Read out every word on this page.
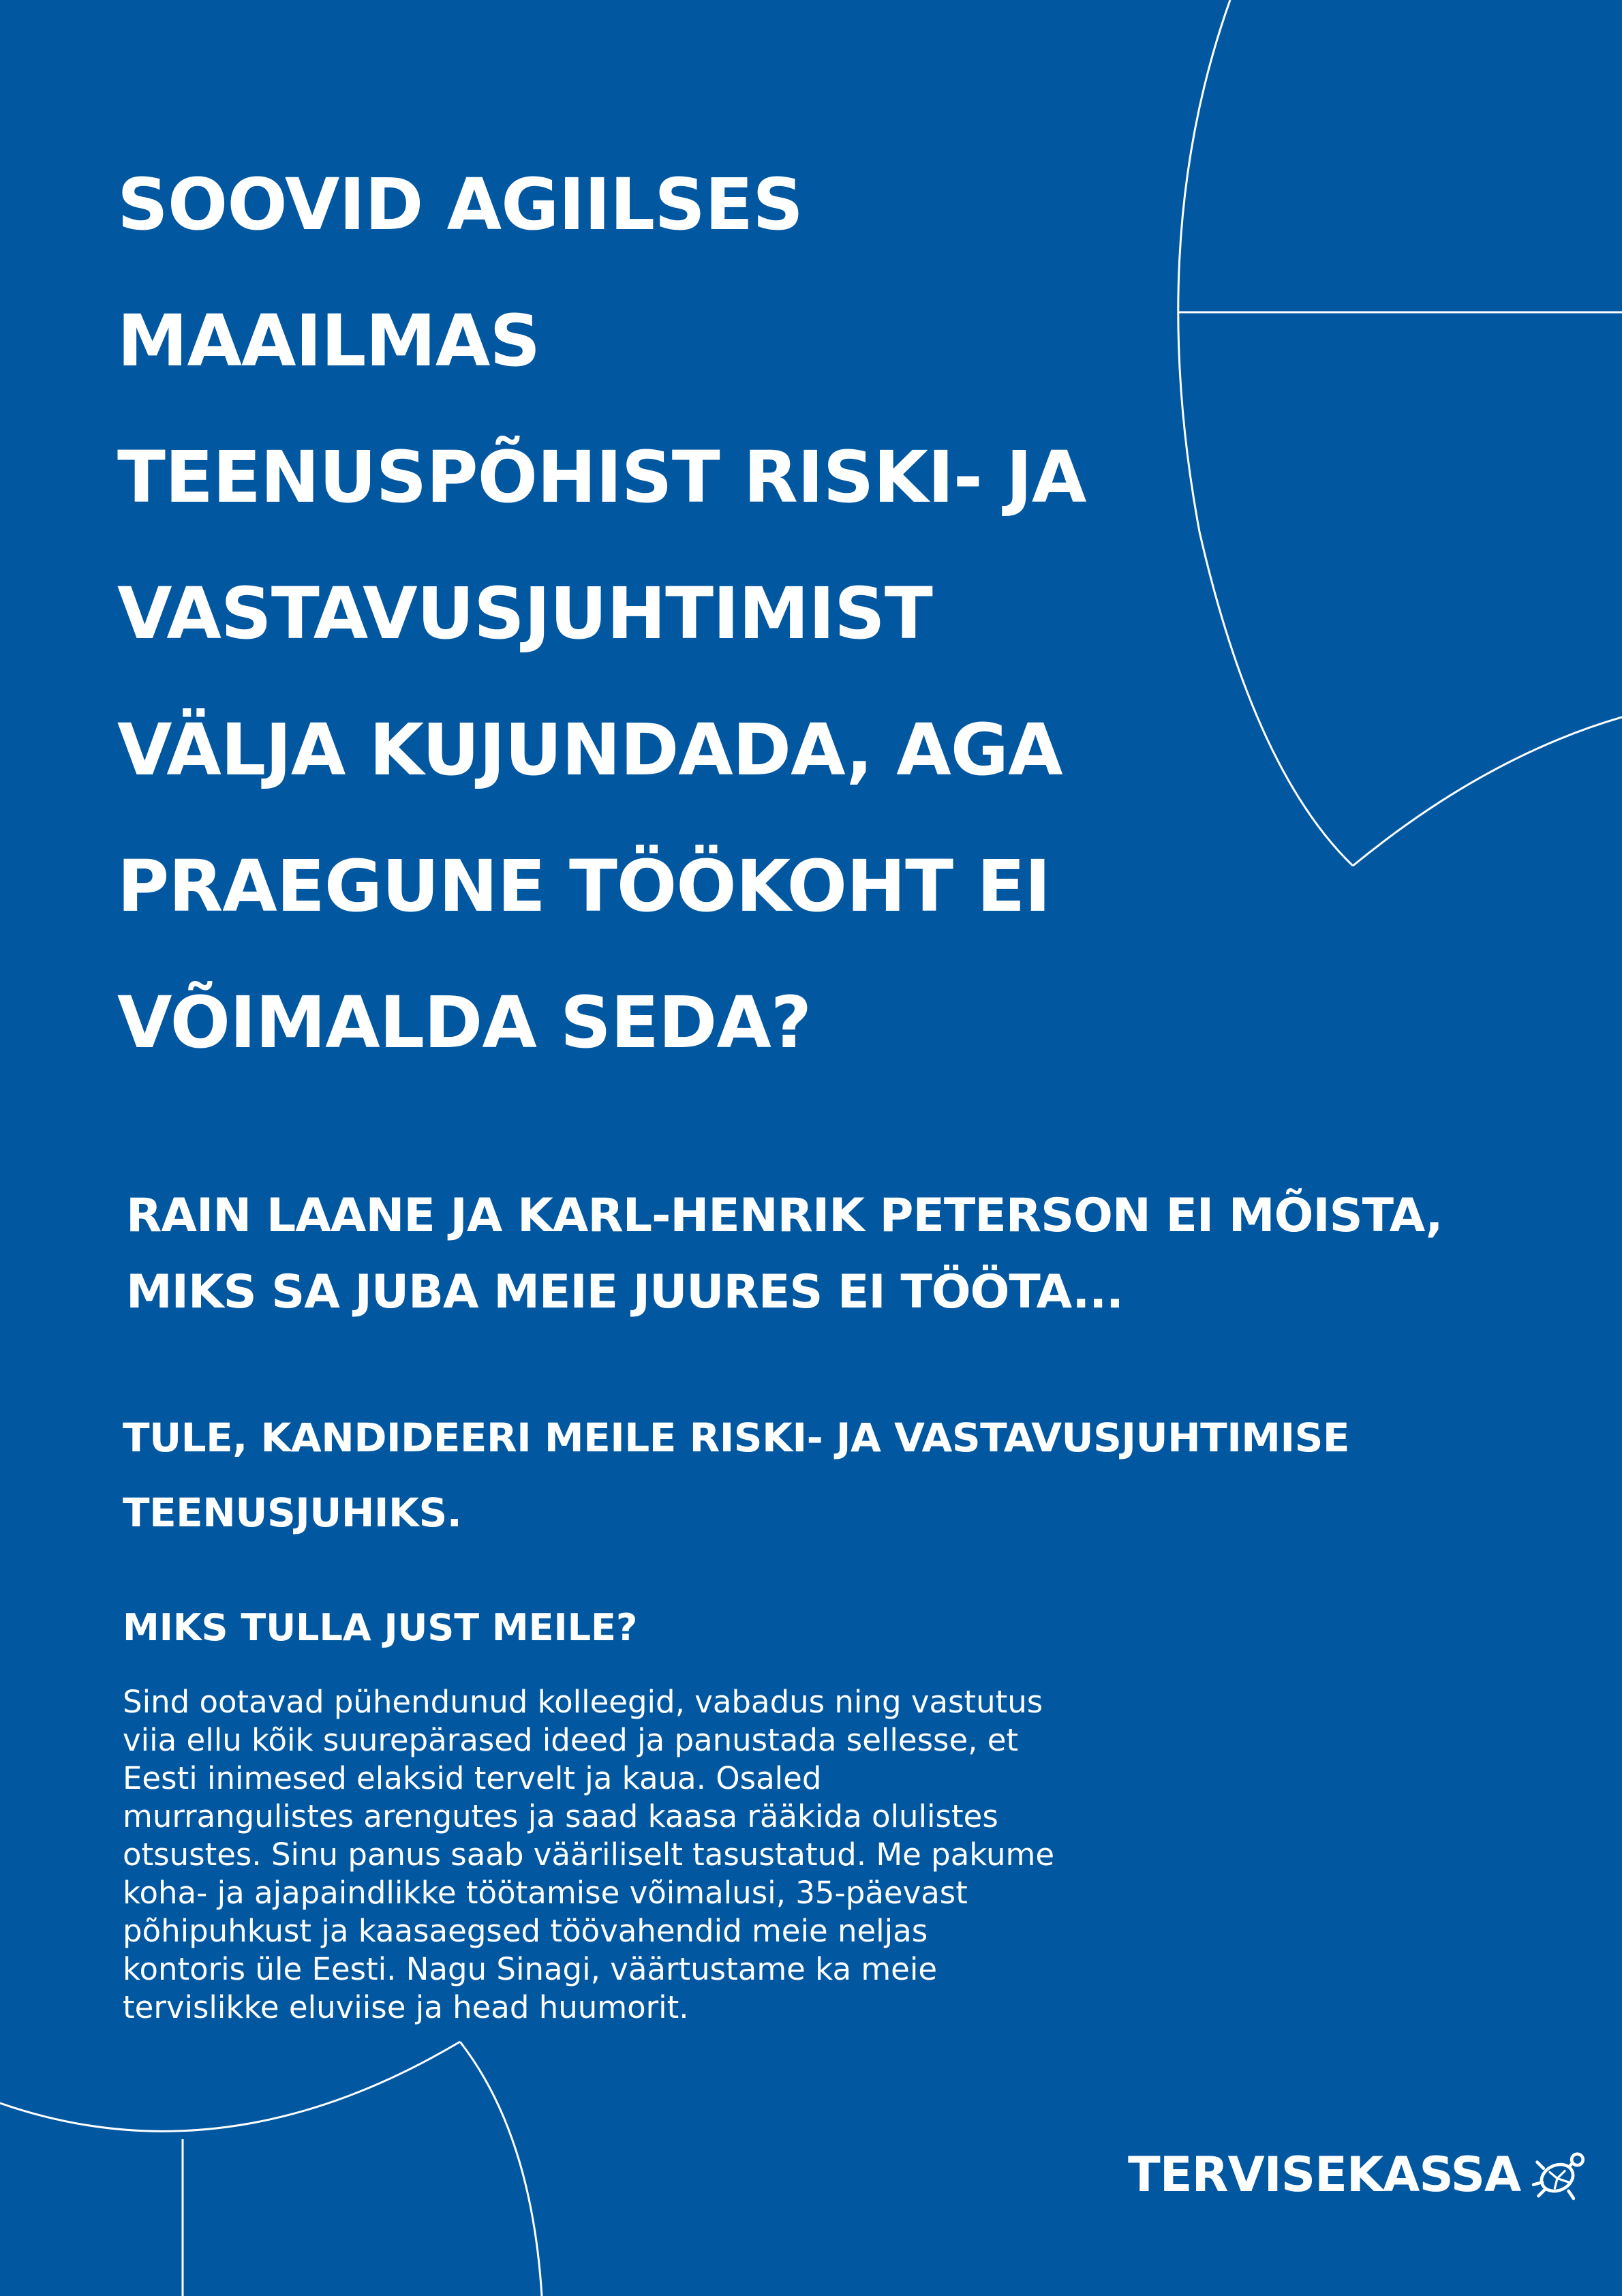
SOOVID AGIILSES
MAAILMAS
TEENUSPÕHIST RISKI- JA
VASTAVUSJUHTIMIST
VÄLJA KUJUNDADA, AGA
PRAEGUNE TÖÖKOHT EI
VÕIMALDA SEDA?
RAIN LAANE JA KARL-HENRIK PETERSON EI MÕISTA,
MIKS SA JUBA MEIE JUURES EI TÖÖTA...
TULE, KANDIDEERI MEILE RISKI- JA VASTAVUSJUHTIMISE
TEENUSJUHIKS.
MIKS TULLA JUST MEILE?

Sind ootavad pühendunud kolleegid, vabadus ning vastutus
viia ellu kõik suurepärased ideed ja panustada sellesse, et
Eesti inimesed elaksid tervelt ja kaua. Osaled
murrangulistes arengutes ja saad kaasa rääkida olulistes
otsustes. Sinu panus saab vääriliselt tasustatud. Me pakume
koha- ja ajapaindlikke töötamise võimalusi, 35-päevast
põhipuhkust ja kaasaegsed töövahendid meie neljas
kontoris üle Eesti. Nagu Sinagi, väärtustame ka meie
tervislikke eluviise ja head huumorit.

TERVISEKASSA
